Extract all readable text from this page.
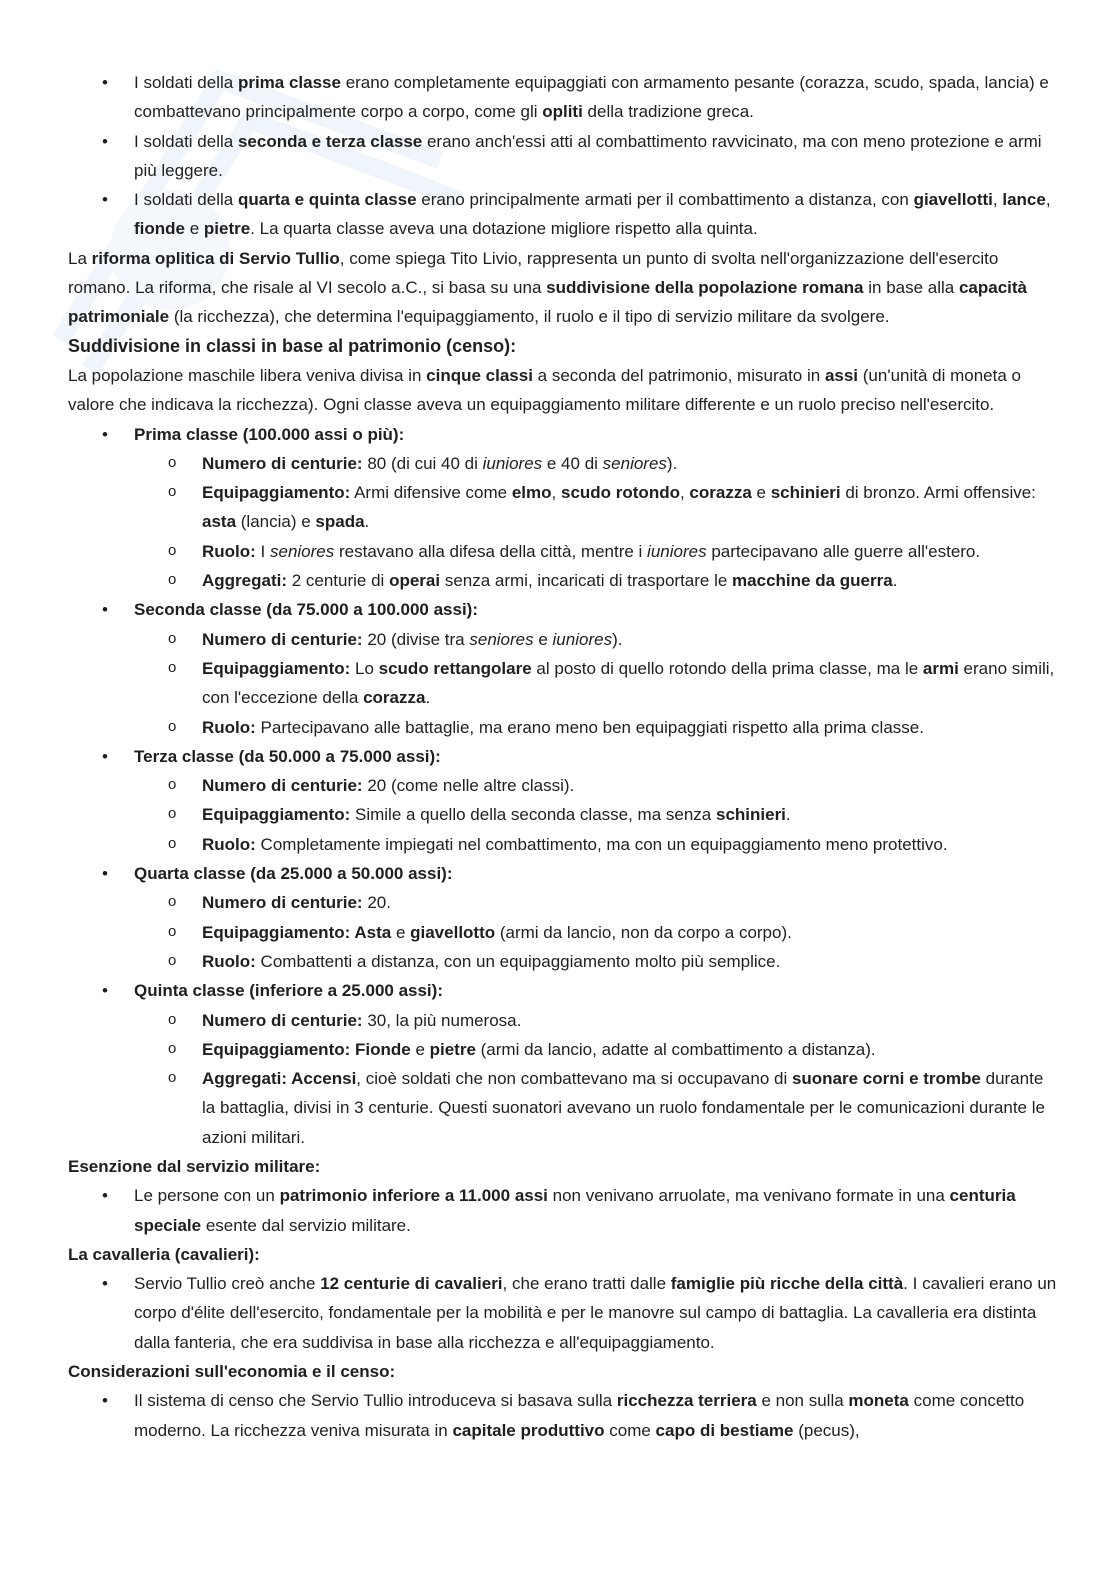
• I soldati della prima classe erano completamente equipaggiati con armamento pesante (corazza, scudo, spada, lancia) e combattevano principalmente corpo a corpo, come gli opliti della tradizione greca.

• I soldati della seconda e terza classe erano anch'essi atti al combattimento ravvicinato, ma con meno protezione e armi più leggere.

• I soldati della quarta e quinta classe erano principalmente armati per il combattimento a distanza, con giavellotti, lance, fionde e pietre. La quarta classe aveva una dotazione migliore rispetto alla quinta.

La riforma oplitica di Servio Tullio, come spiega Tito Livio, rappresenta un punto di svolta nell'organizzazione dell'esercito romano. La riforma, che risale al VI secolo a.C., si basa su una suddivisione della popolazione romana in base alla capacità patrimoniale (la ricchezza), che determina l'equipaggiamento, il ruolo e il tipo di servizio militare da svolgere.

Suddivisione in classi in base al patrimonio (censo):

La popolazione maschile libera veniva divisa in cinque classi a seconda del patrimonio, misurato in assi (un'unità di moneta o valore che indicava la ricchezza). Ogni classe aveva un equipaggiamento militare differente e un ruolo preciso nell'esercito.

• Prima classe (100.000 assi o più):

o Numero di centurie: 80 (di cui 40 di iuniores e 40 di seniores).

o Equipaggiamento: Armi difensive come elmo, scudo rotondo, corazza e schinieri di bronzo. Armi offensive: asta (lancia) e spada.

o Ruolo: I seniores restavano alla difesa della città, mentre i iuniores partecipavano alle guerre all'estero.

o Aggregati: 2 centurie di operai senza armi, incaricati di trasportare le macchine da guerra.

• Seconda classe (da 75.000 a 100.000 assi):

o Numero di centurie: 20 (divise tra seniores e iuniores).

o Equipaggiamento: Lo scudo rettangolare al posto di quello rotondo della prima classe, ma le armi erano simili, con l'eccezione della corazza.

o Ruolo: Partecipavano alle battaglie, ma erano meno ben equipaggiati rispetto alla prima classe.

• Terza classe (da 50.000 a 75.000 assi):

o Numero di centurie: 20 (come nelle altre classi).

o Equipaggiamento: Simile a quello della seconda classe, ma senza schinieri.

o Ruolo: Completamente impiegati nel combattimento, ma con un equipaggiamento meno protettivo.

• Quarta classe (da 25.000 a 50.000 assi):

o Numero di centurie: 20.

o Equipaggiamento: Asta e giavellotto (armi da lancio, non da corpo a corpo).

o Ruolo: Combattenti a distanza, con un equipaggiamento molto più semplice.

• Quinta classe (inferiore a 25.000 assi):

o Numero di centurie: 30, la più numerosa.

o Equipaggiamento: Fionde e pietre (armi da lancio, adatte al combattimento a distanza).

o Aggregati: Accensi, cioè soldati che non combattevano ma si occupavano di suonare corni e trombe durante la battaglia, divisi in 3 centurie. Questi suonatori avevano un ruolo fondamentale per le comunicazioni durante le azioni militari.

Esenzione dal servizio militare:

• Le persone con un patrimonio inferiore a 11.000 assi non venivano arruolate, ma venivano formate in una centuria speciale esente dal servizio militare.

La cavalleria (cavalieri):

• Servio Tullio creò anche 12 centurie di cavalieri, che erano tratti dalle famiglie più ricche della città. I cavalieri erano un corpo d'élite dell'esercito, fondamentale per la mobilità e per le manovre sul campo di battaglia. La cavalleria era distinta dalla fanteria, che era suddivisa in base alla ricchezza e all'equipaggiamento.

Considerazioni sull'economia e il censo:

• Il sistema di censo che Servio Tullio introduceva si basava sulla ricchezza terriera e non sulla moneta come concetto moderno. La ricchezza veniva misurata in capitale produttivo come capo di bestiame (pecus),
